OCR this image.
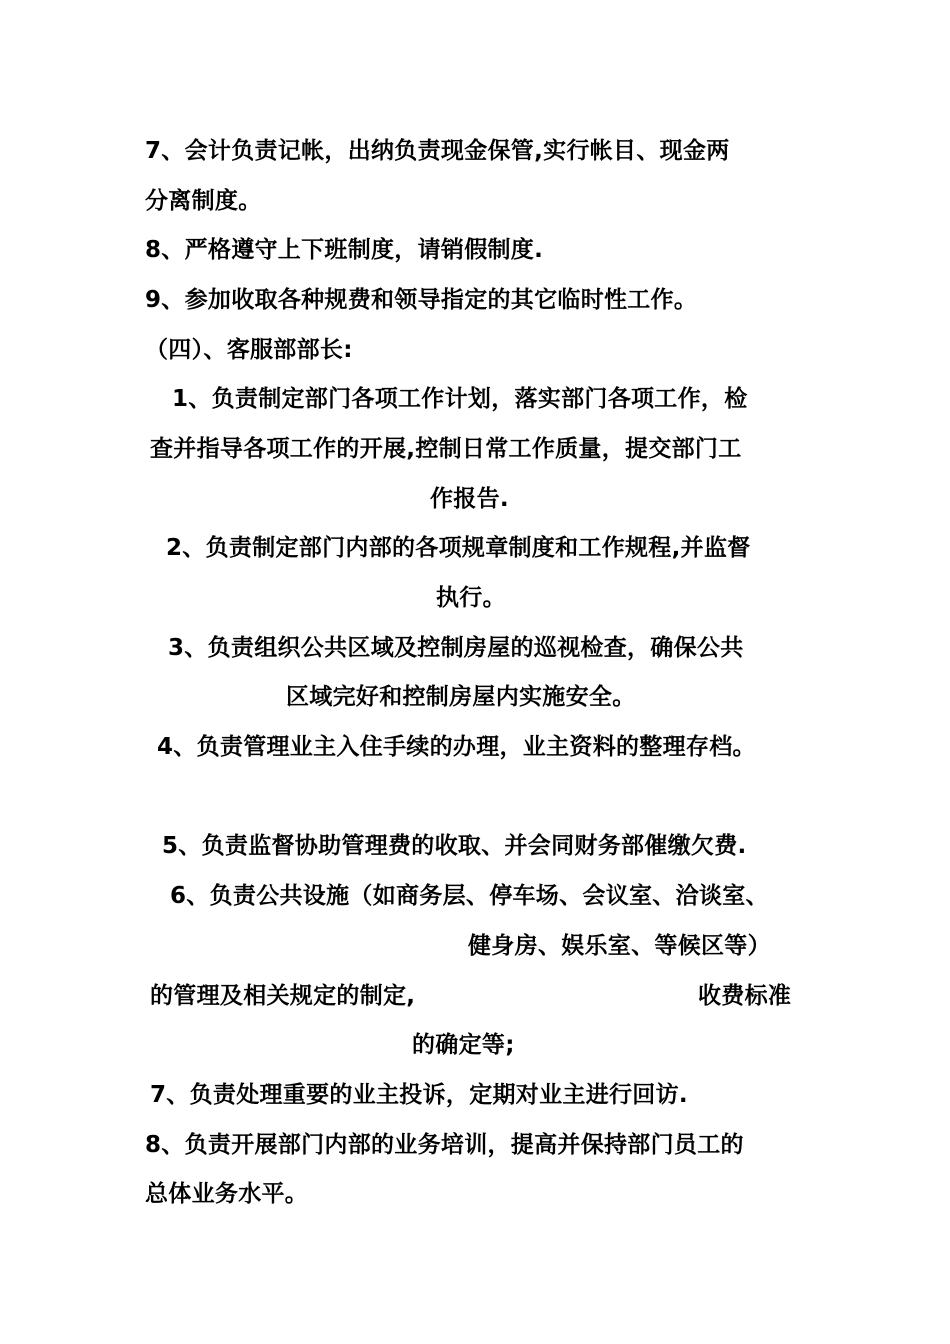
7、会计负责记帐，出纳负责现金保管,实行帐目、现金两
分离制度。
8、严格遵守上下班制度，请销假制度.
9、参加收取各种规费和领导指定的其它临时性工作。
（四）、客服部部长:
1、负责制定部门各项工作计划，落实部门各项工作，检
查并指导各项工作的开展,控制日常工作质量，提交部门工
作报告.
2、负责制定部门内部的各项规章制度和工作规程,并监督
执行。
3、负责组织公共区域及控制房屋的巡视检查，确保公共
区域完好和控制房屋内实施安全。
4、负责管理业主入住手续的办理，业主资料的整理存档。
5、负责监督协助管理费的收取、并会同财务部催缴欠费.
6、负责公共设施（如商务层、停车场、会议室、洽谈室、
健身房、娱乐室、等候区等）
的管理及相关规定的制定,	收费标准
的确定等;
7、负责处理重要的业主投诉，定期对业主进行回访.
8、负责开展部门内部的业务培训，提高并保持部门员工的
总体业务水平。
